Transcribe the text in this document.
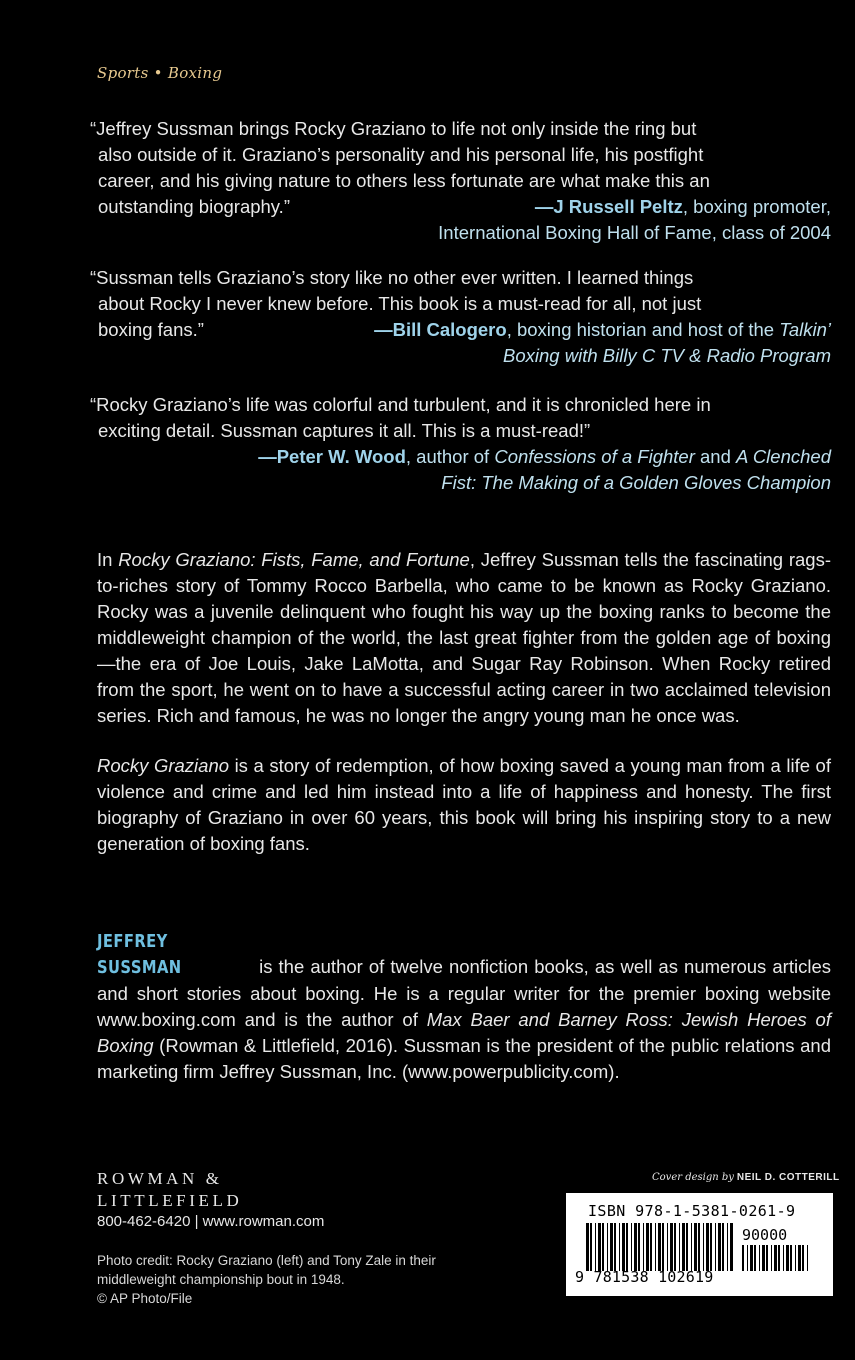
Sports • Boxing
“Jeffrey Sussman brings Rocky Graziano to life not only inside the ring but
also outside of it. Graziano’s personality and his personal life, his postfight
career, and his giving nature to others less fortunate are what make this an
outstanding biography.”	—J Russell Peltz, boxing promoter,
International Boxing Hall of Fame, class of 2004
“Sussman tells Graziano’s story like no other ever written. I learned things
about Rocky I never knew before. This book is a must-read for all, not just
boxing fans.”	—Bill Calogero, boxing historian and host of the Talkin’
Boxing with Billy C TV & Radio Program
“Rocky Graziano’s life was colorful and turbulent, and it is chronicled here in
exciting detail. Sussman captures it all. This is a must-read!”
—Peter W. Wood, author of Confessions of a Fighter and A Clenched
Fist: The Making of a Golden Gloves Champion

In Rocky Graziano: Fists, Fame, and Fortune, Jeffrey Sussman tells the fascinating rags-to-riches story of Tommy Rocco Barbella, who came to be known as Rocky Graziano. Rocky was a juvenile delinquent who fought his way up the boxing ranks to become the middleweight champion of the world, the last great fighter from the golden age of boxing—the era of Joe Louis, Jake LaMotta, and Sugar Ray Robinson. When Rocky retired from the sport, he went on to have a successful acting career in two acclaimed television series. Rich and famous, he was no longer the angry young man he once was.

Rocky Graziano is a story of redemption, of how boxing saved a young man from a life of violence and crime and led him instead into a life of happiness and honesty. The first biography of Graziano in over 60 years, this book will bring his inspiring story to a new generation of boxing fans.

JEFFREY SUSSMAN	is the author of twelve nonfiction books, as well as numerous articles and short stories about boxing. He is a regular writer for the premier boxing website www.boxing.com and is the author of Max Baer and Barney Ross: Jewish Heroes of Boxing (Rowman & Littlefield, 2016). Sussman is the president of the public relations and marketing firm Jeffrey Sussman, Inc. (www.powerpublicity.com).

ROWMAN &
LITTLEFIELD
800-462-6420 | www.rowman.com
Photo credit: Rocky Graziano (left) and Tony Zale in their
middleweight championship bout in 1948.
© AP Photo/File
Cover design by NEIL D. COTTERILL
ISBN 978-1-5381-0261-9
90000
9 781538 102619
